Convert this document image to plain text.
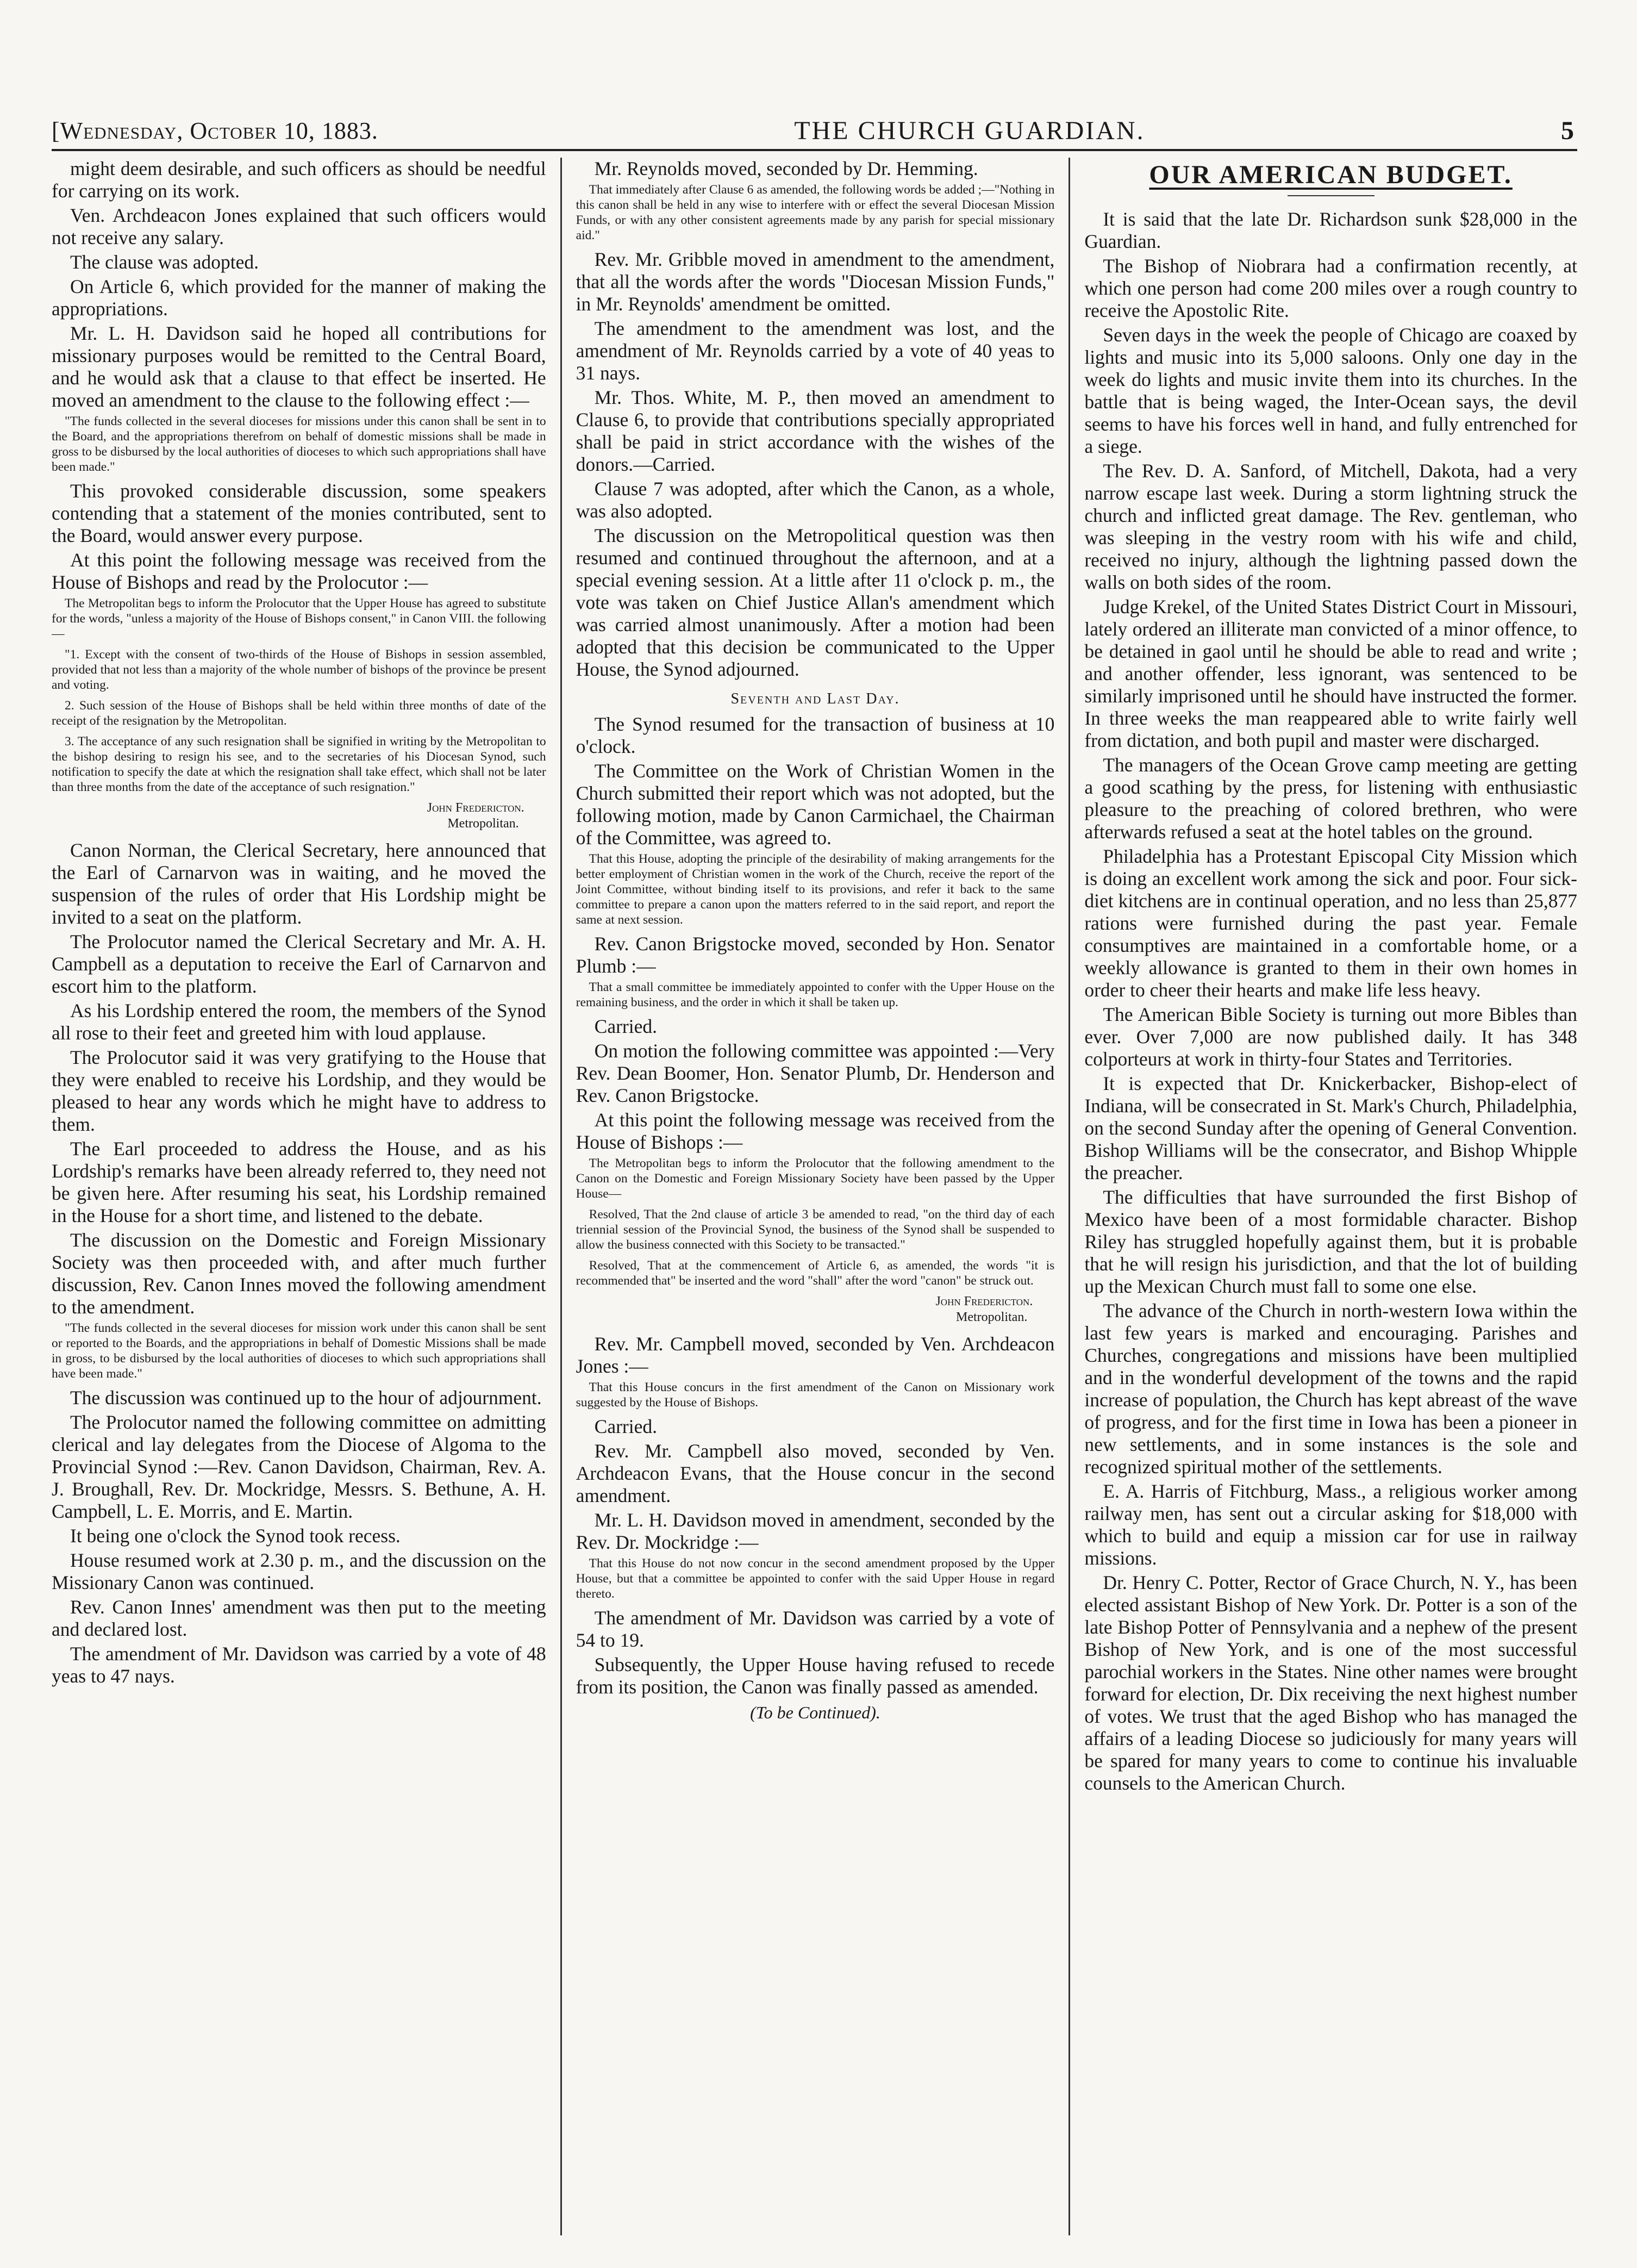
[Wednesday, October 10, 1883.	THE CHURCH GUARDIAN.	5

might deem desirable, and such officers as should be needful for carrying on its work.

Ven. Archdeacon Jones explained that such officers would not receive any salary.

The clause was adopted.

On Article 6, which provided for the manner of making the appropriations.

Mr. L. H. Davidson said he hoped all contributions for missionary purposes would be remitted to the Central Board, and he would ask that a clause to that effect be inserted. He moved an amendment to the clause to the following effect :—

"The funds collected in the several dioceses for missions under this canon shall be sent in to the Board, and the appropriations therefrom on behalf of domestic missions shall be made in gross to be disbursed by the local authorities of dioceses to which such appropriations shall have been made."

This provoked considerable discussion, some speakers contending that a statement of the monies contributed, sent to the Board, would answer every purpose.

At this point the following message was received from the House of Bishops and read by the Prolocutor :—

The Metropolitan begs to inform the Prolocutor that the Upper House has agreed to substitute for the words, "unless a majority of the House of Bishops consent," in Canon VIII. the following—

"1. Except with the consent of two-thirds of the House of Bishops in session assembled, provided that not less than a majority of the whole number of bishops of the province be present and voting.

2. Such session of the House of Bishops shall be held within three months of date of the receipt of the resignation by the Metropolitan.

3. The acceptance of any such resignation shall be signified in writing by the Metropolitan to the bishop desiring to resign his see, and to the secretaries of his Diocesan Synod, such notification to specify the date at which the resignation shall take effect, which shall not be later than three months from the date of the acceptance of such resignation."

John Fredericton.
Metropolitan.

Canon Norman, the Clerical Secretary, here announced that the Earl of Carnarvon was in waiting, and he moved the suspension of the rules of order that His Lordship might be invited to a seat on the platform.

The Prolocutor named the Clerical Secretary and Mr. A. H. Campbell as a deputation to receive the Earl of Carnarvon and escort him to the platform.

As his Lordship entered the room, the members of the Synod all rose to their feet and greeted him with loud applause.

The Prolocutor said it was very gratifying to the House that they were enabled to receive his Lordship, and they would be pleased to hear any words which he might have to address to them.

The Earl proceeded to address the House, and as his Lordship's remarks have been already referred to, they need not be given here. After resuming his seat, his Lordship remained in the House for a short time, and listened to the debate.

The discussion on the Domestic and Foreign Missionary Society was then proceeded with, and after much further discussion, Rev. Canon Innes moved the following amendment to the amendment.

"The funds collected in the several dioceses for mission work under this canon shall be sent or reported to the Boards, and the appropriations in behalf of Domestic Missions shall be made in gross, to be disbursed by the local authorities of dioceses to which such appropriations shall have been made."

The discussion was continued up to the hour of adjournment.

The Prolocutor named the following committee on admitting clerical and lay delegates from the Diocese of Algoma to the Provincial Synod :—Rev. Canon Davidson, Chairman, Rev. A. J. Broughall, Rev. Dr. Mockridge, Messrs. S. Bethune, A. H. Campbell, L. E. Morris, and E. Martin.

It being one o'clock the Synod took recess.

House resumed work at 2.30 p. m., and the discussion on the Missionary Canon was continued.

Rev. Canon Innes' amendment was then put to the meeting and declared lost.

The amendment of Mr. Davidson was carried by a vote of 48 yeas to 47 nays.

Mr. Reynolds moved, seconded by Dr. Hemming.

That immediately after Clause 6 as amended, the following words be added ;—"Nothing in this canon shall be held in any wise to interfere with or effect the several Diocesan Mission Funds, or with any other consistent agreements made by any parish for special missionary aid."

Rev. Mr. Gribble moved in amendment to the amendment, that all the words after the words "Diocesan Mission Funds," in Mr. Reynolds' amendment be omitted.

The amendment to the amendment was lost, and the amendment of Mr. Reynolds carried by a vote of 40 yeas to 31 nays.

Mr. Thos. White, M. P., then moved an amendment to Clause 6, to provide that contributions specially appropriated shall be paid in strict accordance with the wishes of the donors.—Carried.

Clause 7 was adopted, after which the Canon, as a whole, was also adopted.

The discussion on the Metropolitical question was then resumed and continued throughout the afternoon, and at a special evening session. At a little after 11 o'clock p. m., the vote was taken on Chief Justice Allan's amendment which was carried almost unanimously. After a motion had been adopted that this decision be communicated to the Upper House, the Synod adjourned.

Seventh and Last Day.

The Synod resumed for the transaction of business at 10 o'clock.

The Committee on the Work of Christian Women in the Church submitted their report which was not adopted, but the following motion, made by Canon Carmichael, the Chairman of the Committee, was agreed to.

That this House, adopting the principle of the desirability of making arrangements for the better employment of Christian women in the work of the Church, receive the report of the Joint Committee, without binding itself to its provisions, and refer it back to the same committee to prepare a canon upon the matters referred to in the said report, and report the same at next session.

Rev. Canon Brigstocke moved, seconded by Hon. Senator Plumb :—

That a small committee be immediately appointed to confer with the Upper House on the remaining business, and the order in which it shall be taken up.

Carried.

On motion the following committee was appointed :—Very Rev. Dean Boomer, Hon. Senator Plumb, Dr. Henderson and Rev. Canon Brigstocke.

At this point the following message was received from the House of Bishops :—

The Metropolitan begs to inform the Prolocutor that the following amendment to the Canon on the Domestic and Foreign Missionary Society have been passed by the Upper House—

Resolved, That the 2nd clause of article 3 be amended to read, "on the third day of each triennial session of the Provincial Synod, the business of the Synod shall be suspended to allow the business connected with this Society to be transacted."

Resolved, That at the commencement of Article 6, as amended, the words "it is recommended that" be inserted and the word "shall" after the word "canon" be struck out.

John Fredericton.
Metropolitan.

Rev. Mr. Campbell moved, seconded by Ven. Archdeacon Jones :—

That this House concurs in the first amendment of the Canon on Missionary work suggested by the House of Bishops.

Carried.

Rev. Mr. Campbell also moved, seconded by Ven. Archdeacon Evans, that the House concur in the second amendment.

Mr. L. H. Davidson moved in amendment, seconded by the Rev. Dr. Mockridge :—

That this House do not now concur in the second amendment proposed by the Upper House, but that a committee be appointed to confer with the said Upper House in regard thereto.

The amendment of Mr. Davidson was carried by a vote of 54 to 19.

Subsequently, the Upper House having refused to recede from its position, the Canon was finally passed as amended.

(To be Continued).
OUR AMERICAN BUDGET.

It is said that the late Dr. Richardson sunk $28,000 in the Guardian.

The Bishop of Niobrara had a confirmation recently, at which one person had come 200 miles over a rough country to receive the Apostolic Rite.

Seven days in the week the people of Chicago are coaxed by lights and music into its 5,000 saloons. Only one day in the week do lights and music invite them into its churches. In the battle that is being waged, the Inter-Ocean says, the devil seems to have his forces well in hand, and fully entrenched for a siege.

The Rev. D. A. Sanford, of Mitchell, Dakota, had a very narrow escape last week. During a storm lightning struck the church and inflicted great damage. The Rev. gentleman, who was sleeping in the vestry room with his wife and child, received no injury, although the lightning passed down the walls on both sides of the room.

Judge Krekel, of the United States District Court in Missouri, lately ordered an illiterate man convicted of a minor offence, to be detained in gaol until he should be able to read and write ; and another offender, less ignorant, was sentenced to be similarly imprisoned until he should have instructed the former. In three weeks the man reappeared able to write fairly well from dictation, and both pupil and master were discharged.

The managers of the Ocean Grove camp meeting are getting a good scathing by the press, for listening with enthusiastic pleasure to the preaching of colored brethren, who were afterwards refused a seat at the hotel tables on the ground.

Philadelphia has a Protestant Episcopal City Mission which is doing an excellent work among the sick and poor. Four sick-diet kitchens are in continual operation, and no less than 25,877 rations were furnished during the past year. Female consumptives are maintained in a comfortable home, or a weekly allowance is granted to them in their own homes in order to cheer their hearts and make life less heavy.

The American Bible Society is turning out more Bibles than ever. Over 7,000 are now published daily. It has 348 colporteurs at work in thirty-four States and Territories.

It is expected that Dr. Knickerbacker, Bishop-elect of Indiana, will be consecrated in St. Mark's Church, Philadelphia, on the second Sunday after the opening of General Convention. Bishop Williams will be the consecrator, and Bishop Whipple the preacher.

The difficulties that have surrounded the first Bishop of Mexico have been of a most formidable character. Bishop Riley has struggled hopefully against them, but it is probable that he will resign his jurisdiction, and that the lot of building up the Mexican Church must fall to some one else.

The advance of the Church in north-western Iowa within the last few years is marked and encouraging. Parishes and Churches, congregations and missions have been multiplied and in the wonderful development of the towns and the rapid increase of population, the Church has kept abreast of the wave of progress, and for the first time in Iowa has been a pioneer in new settlements, and in some instances is the sole and recognized spiritual mother of the settlements.

E. A. Harris of Fitchburg, Mass., a religious worker among railway men, has sent out a circular asking for $18,000 with which to build and equip a mission car for use in railway missions.

Dr. Henry C. Potter, Rector of Grace Church, N. Y., has been elected assistant Bishop of New York. Dr. Potter is a son of the late Bishop Potter of Pennsylvania and a nephew of the present Bishop of New York, and is one of the most successful parochial workers in the States. Nine other names were brought forward for election, Dr. Dix receiving the next highest number of votes. We trust that the aged Bishop who has managed the affairs of a leading Diocese so judiciously for many years will be spared for many years to come to continue his invaluable counsels to the American Church.
